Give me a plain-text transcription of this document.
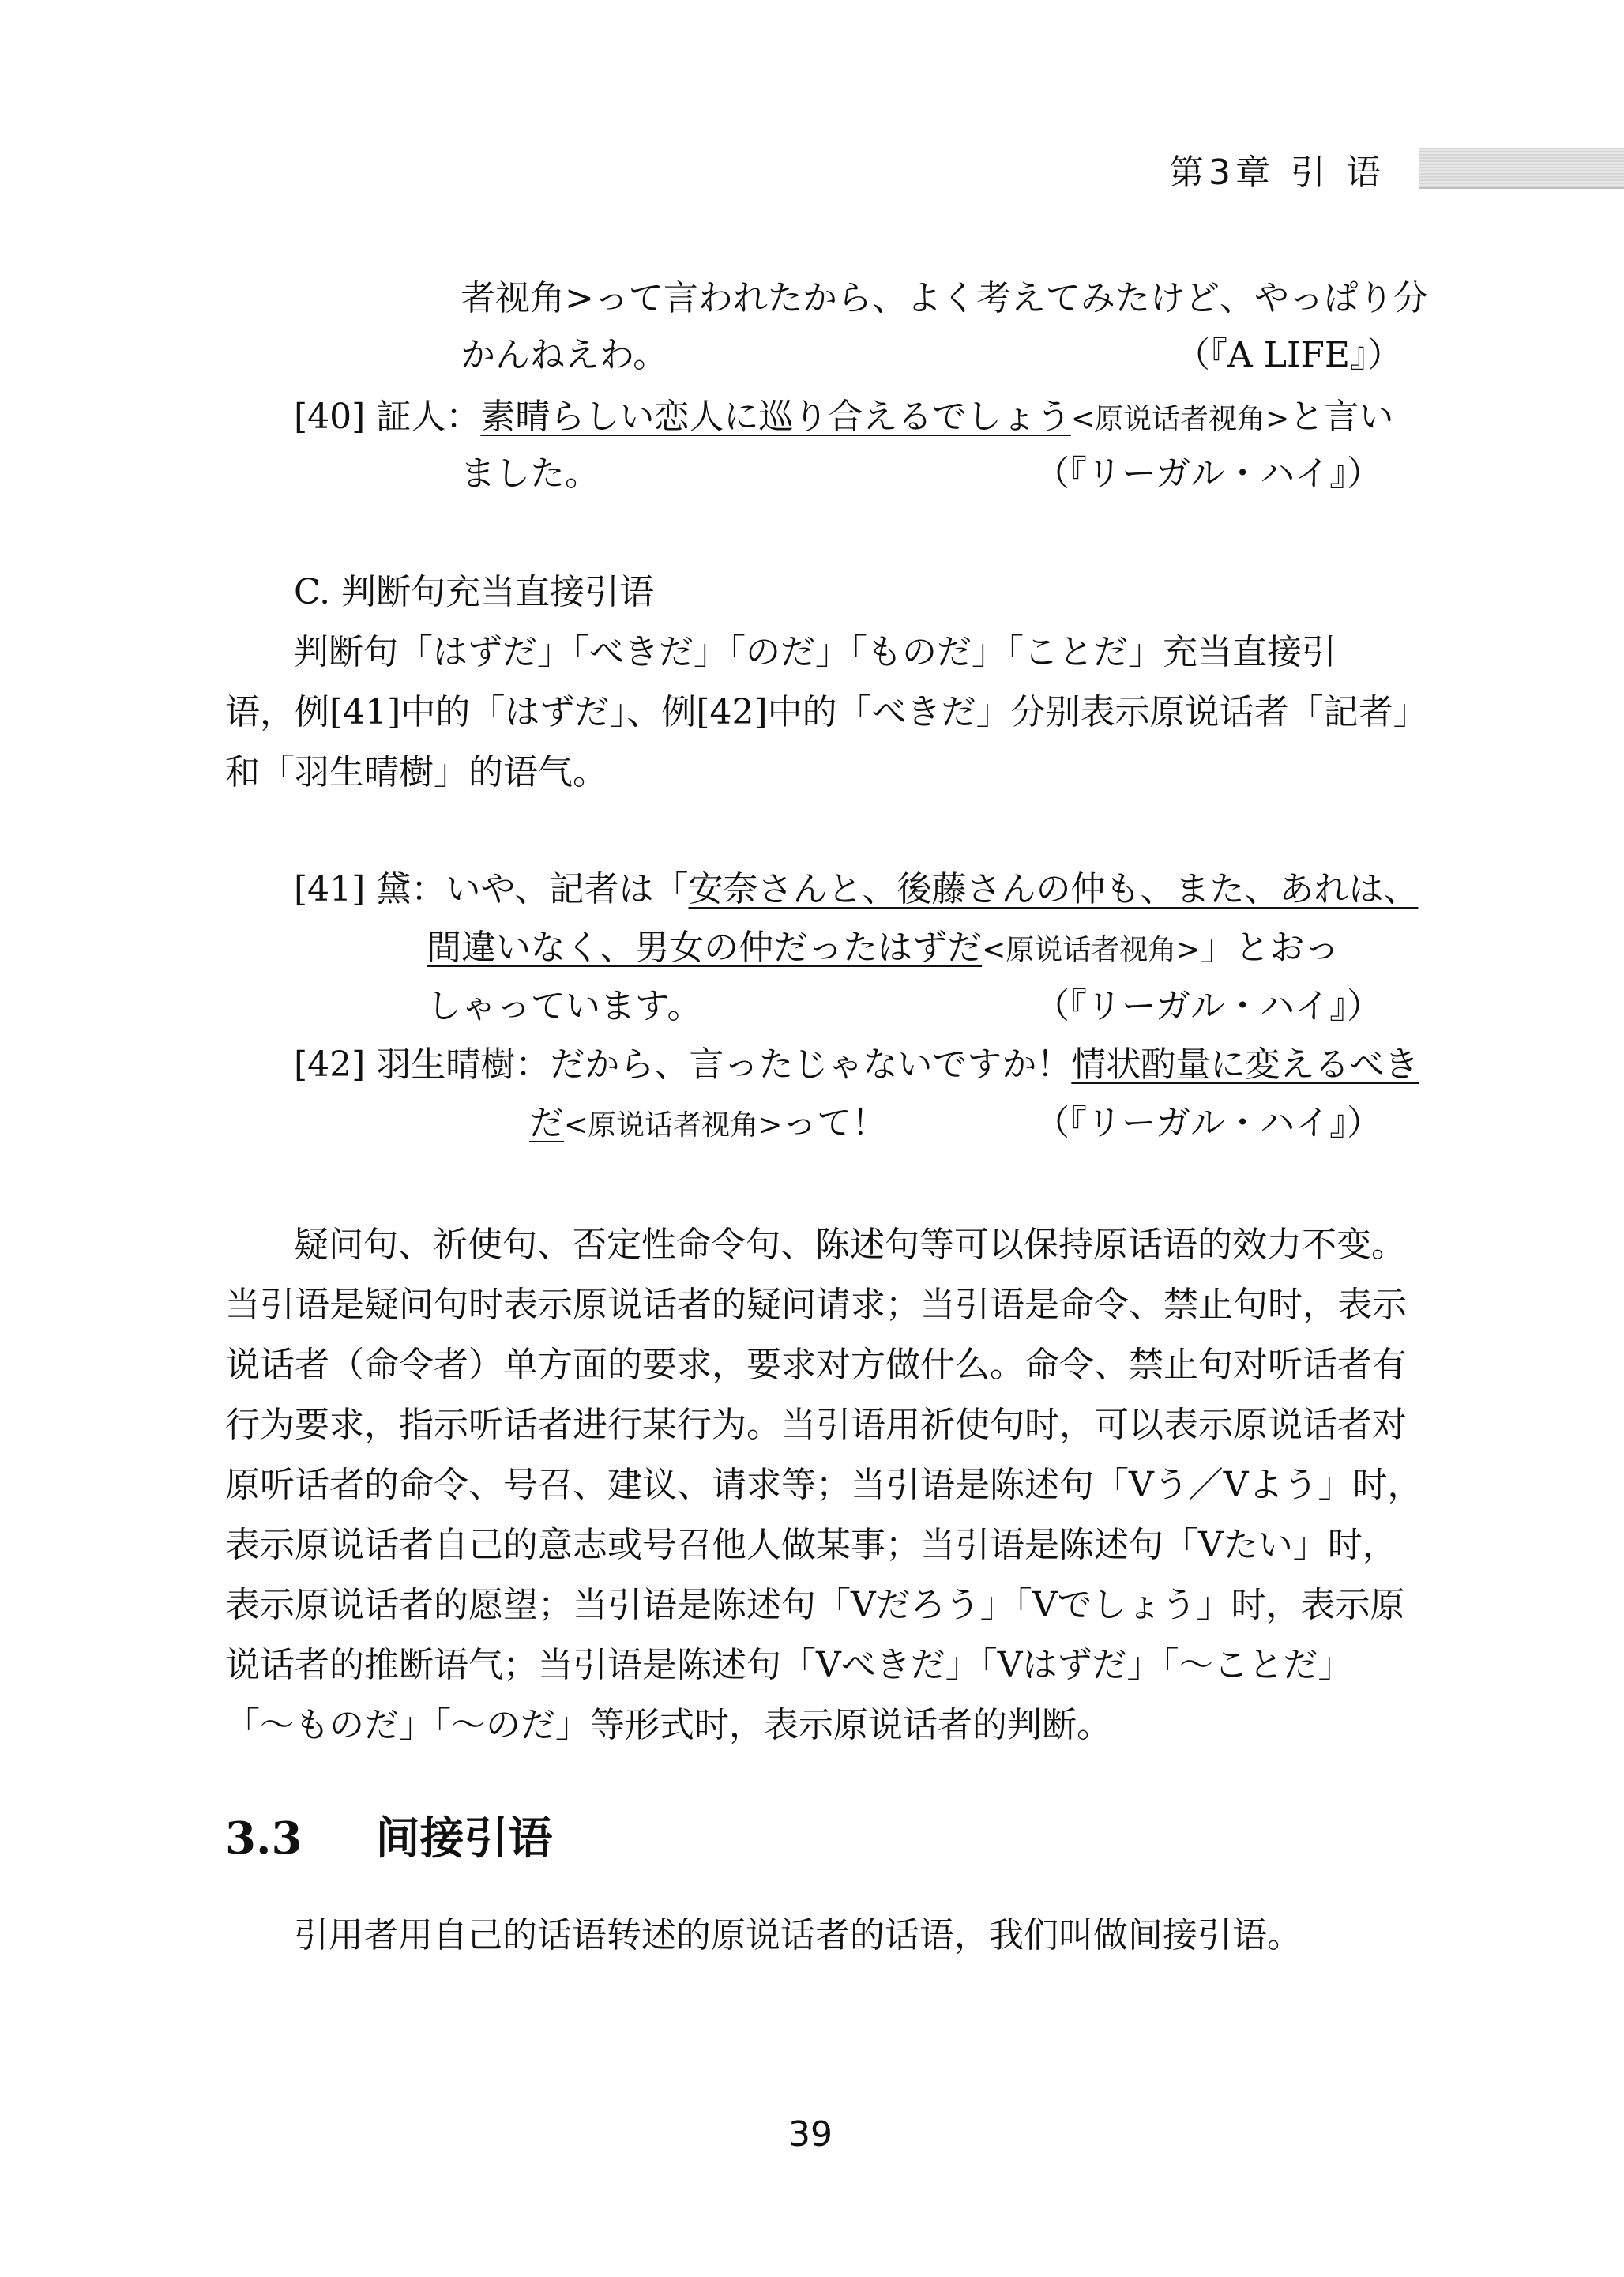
第3章 引 语
者视角>って言われたから、よく考えてみたけど、やっぱり分
かんねえわ。	（『A LIFE』）
[40] 証人：素晴らしい恋人に巡り合えるでしょう<原说话者视角>と言い
ました。	（『リーガル・ハイ』）
C. 判断句充当直接引语
判断句「はずだ」「べきだ」「のだ」「ものだ」「ことだ」充当直接引
语，例[41]中的「はずだ」、例[42]中的「べきだ」分别表示原说话者「記者」
和「羽生晴樹」的语气。
[41] 黛：いや、記者は「安奈さんと、後藤さんの仲も、また、あれは、
間違いなく、男女の仲だったはずだ<原说话者视角>」とおっ
しゃっています。	（『リーガル・ハイ』）
[42] 羽生晴樹：だから、言ったじゃないですか！情状酌量に変えるべき
だ<原说话者视角>って！	（『リーガル・ハイ』）
疑问句、祈使句、否定性命令句、陈述句等可以保持原话语的效力不变。
当引语是疑问句时表示原说话者的疑问请求；当引语是命令、禁止句时，表示
说话者（命令者）单方面的要求，要求对方做什么。命令、禁止句对听话者有
行为要求，指示听话者进行某行为。当引语用祈使句时，可以表示原说话者对
原听话者的命令、号召、建议、请求等；当引语是陈述句「Vう／Vよう」时，
表示原说话者自己的意志或号召他人做某事；当引语是陈述句「Vたい」时，
表示原说话者的愿望；当引语是陈述句「Vだろう」「Vでしょう」时，表示原
说话者的推断语气；当引语是陈述句「Vべきだ」「Vはずだ」「～ことだ」
「～ものだ」「～のだ」等形式时，表示原说话者的判断。
3.3 间接引语
引用者用自己的话语转述的原说话者的话语，我们叫做间接引语。
39
